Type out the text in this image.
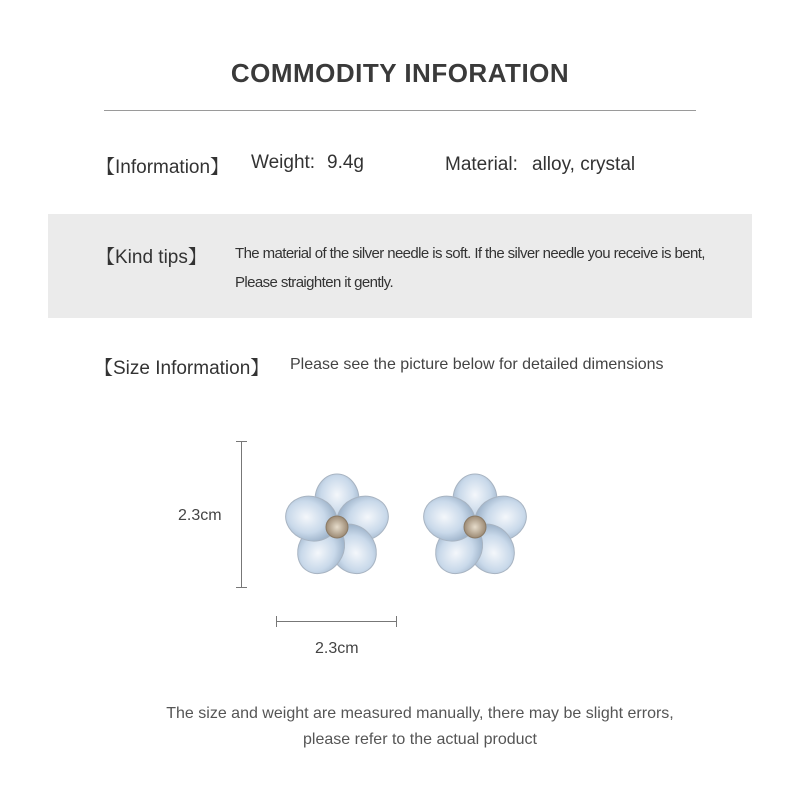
COMMODITY INFORATION
【Information】 Weight: 9.4g	Material: alloy, crystal
【Kind tips】 The material of the silver needle is soft. If the silver needle you receive is bent,
Please straighten it gently.
【Size Information】 Please see the picture below for detailed dimensions
2.3cm
2.3cm
The size and weight are measured manually, there may be slight errors,
please refer to the actual product
